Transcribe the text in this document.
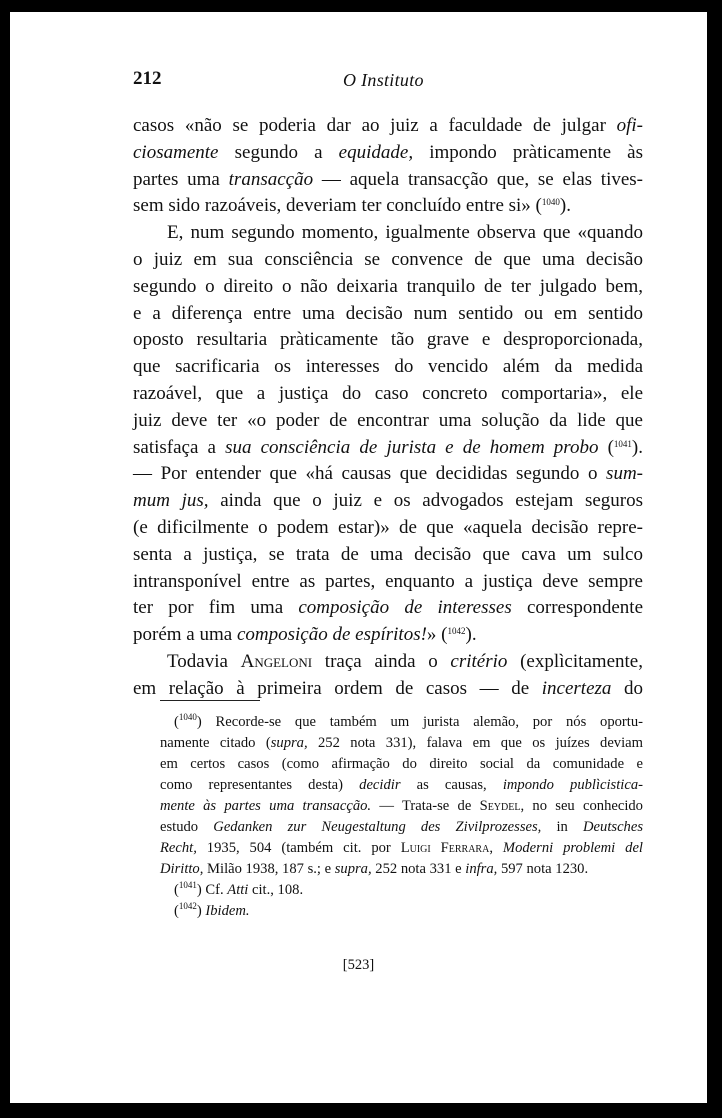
212	O Instituto
casos «não se poderia dar ao juiz a faculdade de julgar ofi-
ciosamente segundo a equidade, impondo pràticamente às
partes uma transacção — aquela transacção que, se elas tives-
sem sido razoáveis, deveriam ter concluído entre si» ($^{1040}$).
E, num segundo momento, igualmente observa que «quando
o juiz em sua consciência se convence de que uma decisão
segundo o direito o não deixaria tranquilo de ter julgado bem,
e a diferença entre uma decisão num sentido ou em sentido
oposto resultaria pràticamente tão grave e desproporcionada,
que sacrificaria os interesses do vencido além da medida
razoável, que a justiça do caso concreto comportaria», ele
juiz deve ter «o poder de encontrar uma solução da lide que
satisfaça a sua consciência de jurista e de homem probo ($^{1041}$).
— Por entender que «há causas que decididas segundo o sum-
mum jus, ainda que o juiz e os advogados estejam seguros
(e dificilmente o podem estar)» de que «aquela decisão repre-
senta a justiça, se trata de uma decisão que cava um sulco
intransponível entre as partes, enquanto a justiça deve sempre
ter por fim uma composição de interesses correspondente
porém a uma composição de espíritos!» ($^{1042}$).
Todavia Angeloni traça ainda o critério (explìcitamente,
em relação à primeira ordem de casos — de incerteza do
($^{1040}$) Recorde-se que também um jurista alemão, por nós oportu-
namente citado (supra, 252 nota 331), falava em que os juízes deviam
em certos casos (como afirmação do direito social da comunidade e
como representantes desta) decidir as causas, impondo publìcistica-
mente às partes uma transacção. — Trata-se de Seydel, no seu conhecido
estudo Gedanken zur Neugestaltung des Zivilprozesses, in Deutsches
Recht, 1935, 504 (também cit. por Luigi Ferrara, Moderni problemi del
Diritto, Milão 1938, 187 s.; e supra, 252 nota 331 e infra, 597 nota 1230.
($^{1041}$) Cf. Atti cit., 108.
($^{1042}$) Ibidem.
[523]
